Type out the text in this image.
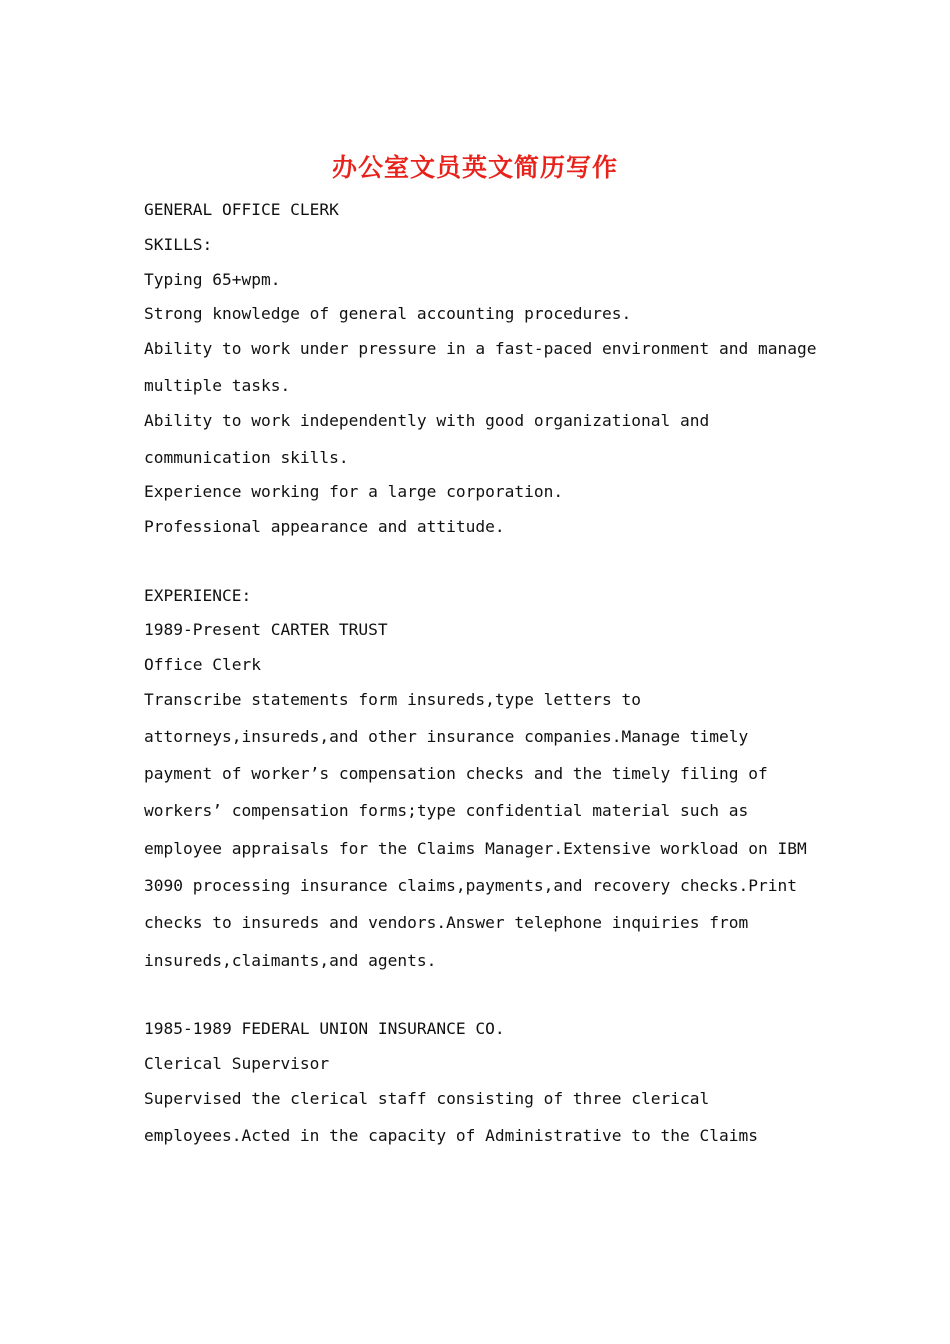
办公室文员英文简历写作
GENERAL OFFICE CLERK
SKILLS:
Typing 65+wpm.
Strong knowledge of general accounting procedures.
Ability to work under pressure in a fast-paced environment and manage
multiple tasks.
Ability to work independently with good organizational and
communication skills.
Experience working for a large corporation.
Professional appearance and attitude.
EXPERIENCE:
1989-Present CARTER TRUST
Office Clerk
Transcribe statements form insureds,type letters to
attorneys,insureds,and other insurance companies.Manage timely
payment of worker’s compensation checks and the timely filing of
workers’ compensation forms;type confidential material such as
employee appraisals for the Claims Manager.Extensive workload on IBM
3090 processing insurance claims,payments,and recovery checks.Print
checks to insureds and vendors.Answer telephone inquiries from
insureds,claimants,and agents.
1985-1989 FEDERAL UNION INSURANCE CO.
Clerical Supervisor
Supervised the clerical staff consisting of three clerical
employees.Acted in the capacity of Administrative to the Claims
